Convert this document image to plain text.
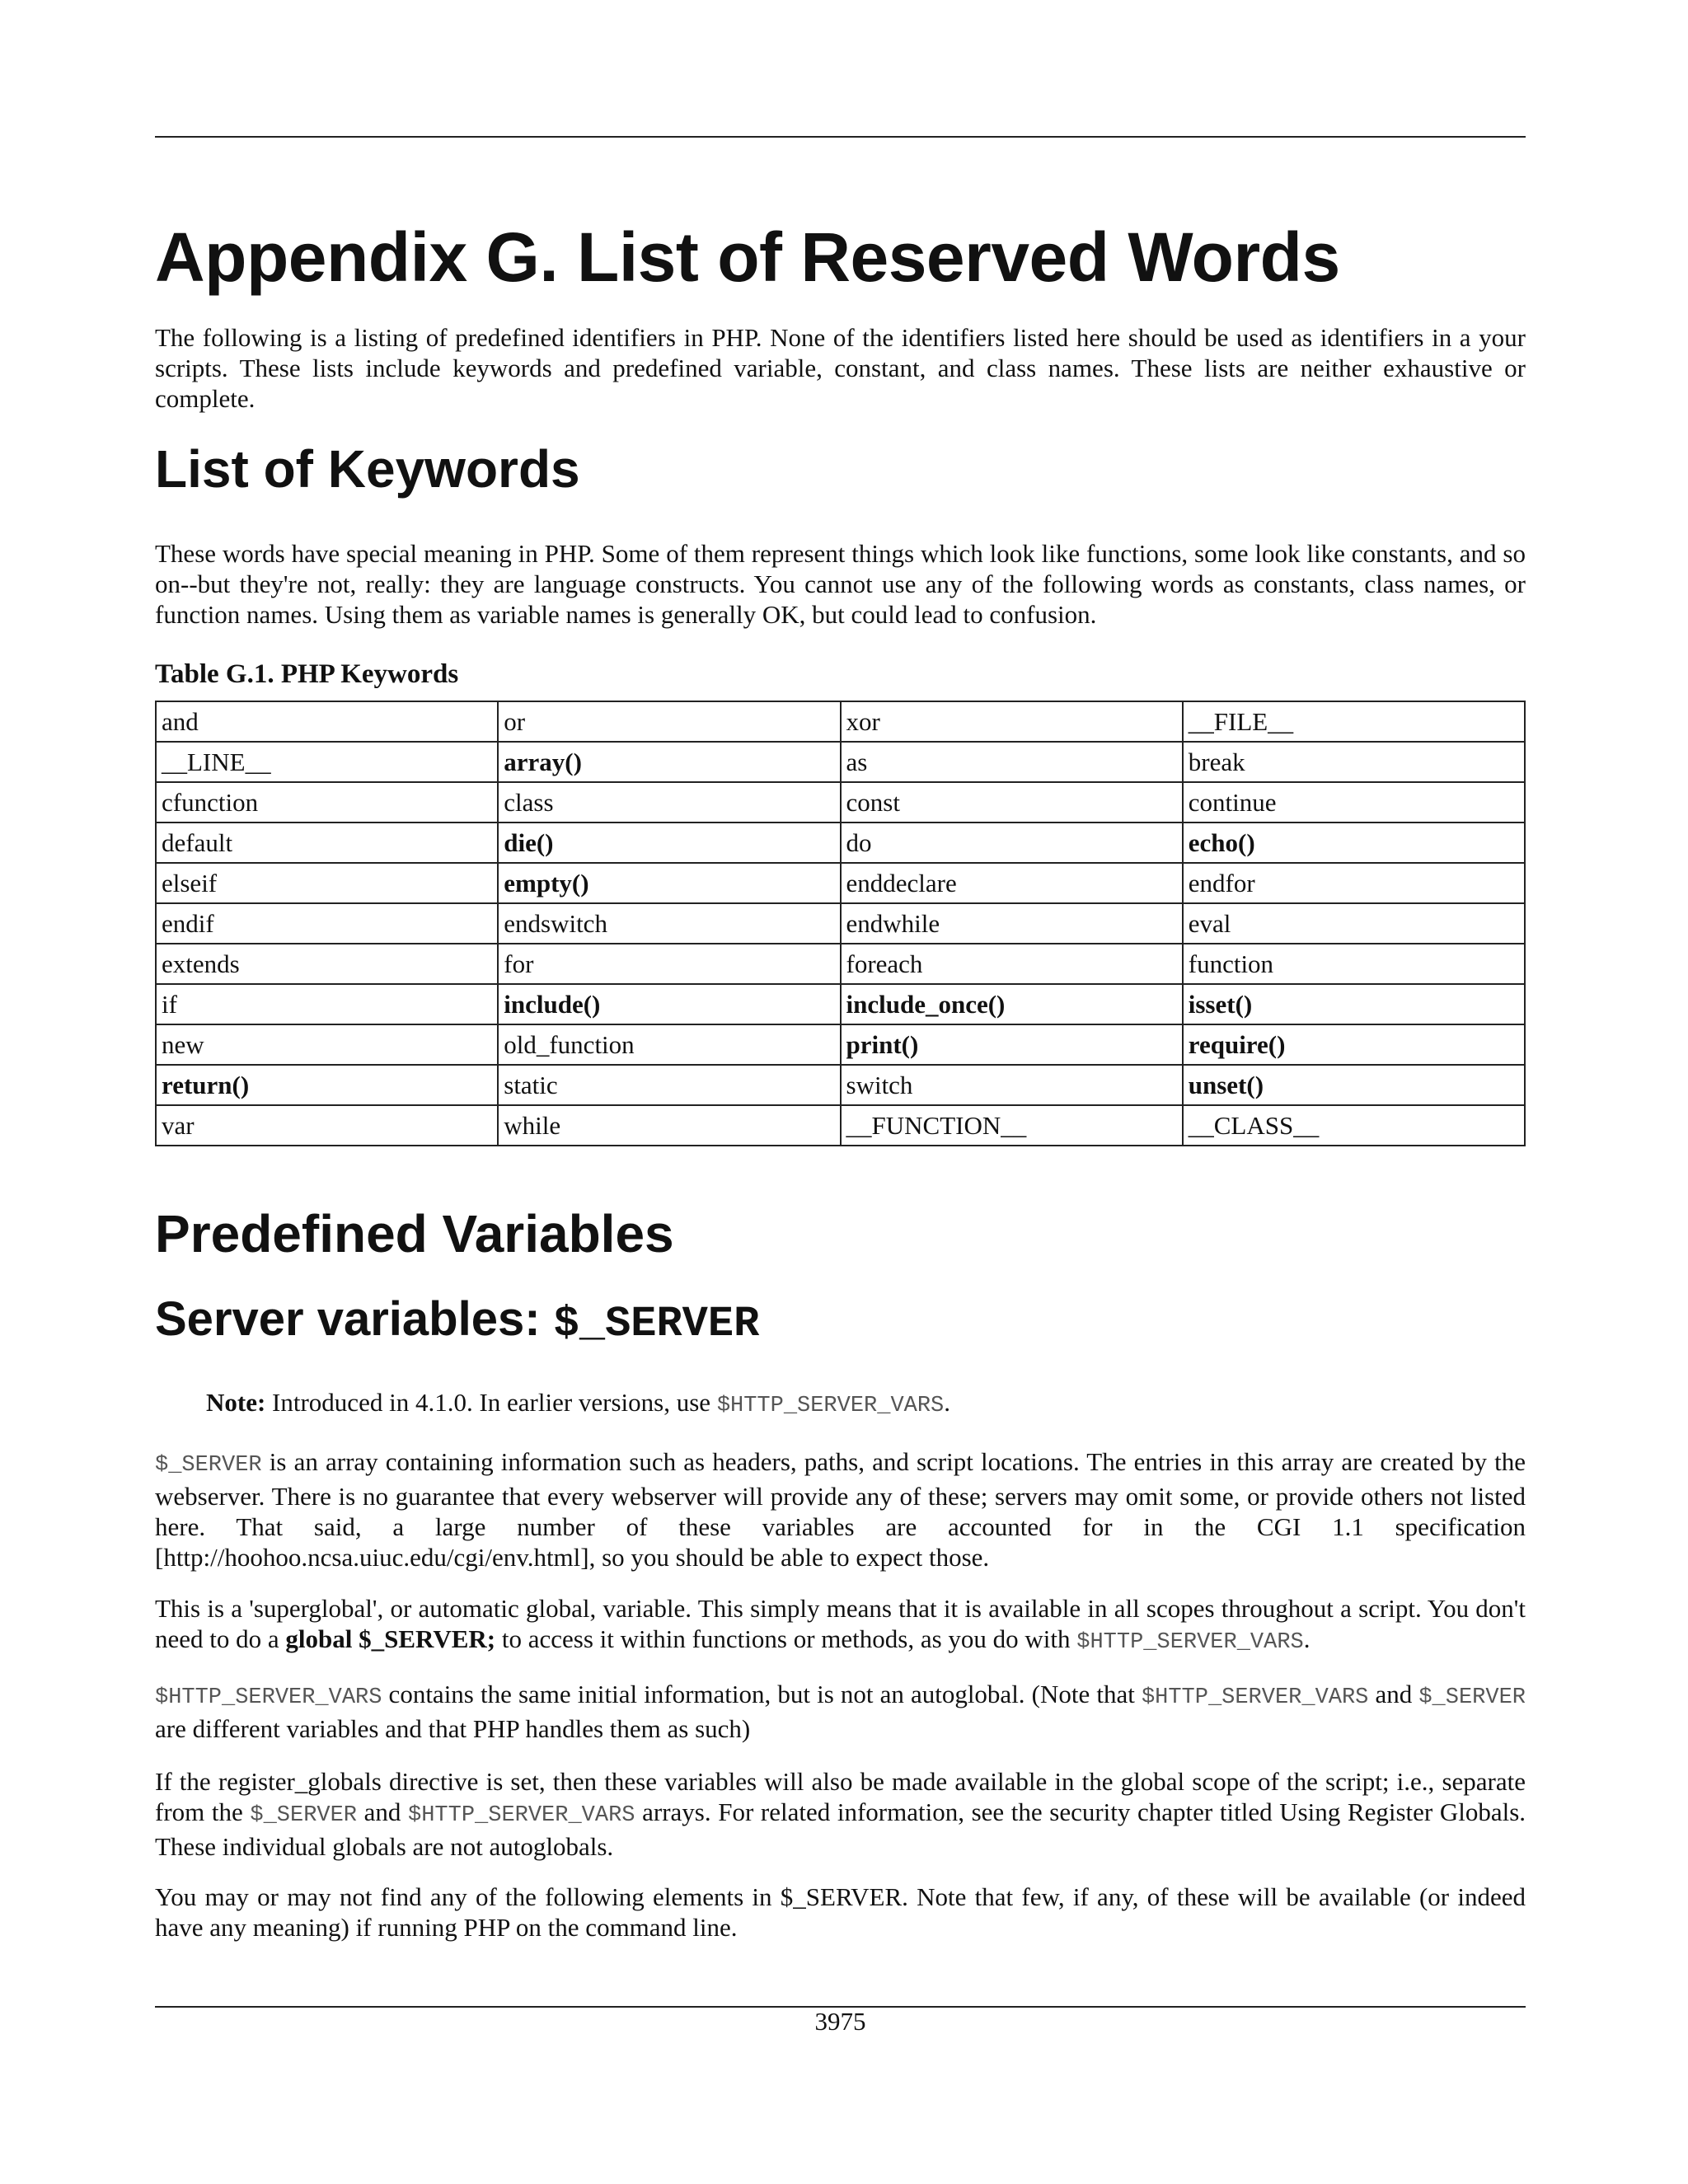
Appendix G. List of Reserved Words

The following is a listing of predefined identifiers in PHP. None of the identifiers listed here should be used as identifiers in a your scripts. These lists include keywords and predefined variable, constant, and class names. These lists are neither exhaustive or complete.

List of Keywords

These words have special meaning in PHP. Some of them represent things which look like functions, some look like constants, and so on--but they're not, really: they are language constructs. You cannot use any of the following words as constants, class names, or function names. Using them as variable names is generally OK, but could lead to confusion.

Table G.1. PHP Keywords
and	or	xor	__FILE__
__LINE__	array()	as	break
cfunction	class	const	continue
default	die()	do	echo()
elseif	empty()	enddeclare	endfor
endif	endswitch	endwhile	eval
extends	for	foreach	function
if	include()	include_once()	isset()
new	old_function	print()	require()
return()	static	switch	unset()
var	while	__FUNCTION__	__CLASS__
Predefined Variables
Server variables: $_SERVER

Note: Introduced in 4.1.0. In earlier versions, use $HTTP_SERVER_VARS.

$_SERVER is an array containing information such as headers, paths, and script locations. The entries in this array are created by the webserver. There is no guarantee that every webserver will provide any of these; servers may omit some, or provide others not listed here. That said, a large number of these variables are accounted for in the CGI 1.1 specification [http://hoohoo.ncsa.uiuc.edu/cgi/env.html], so you should be able to expect those.

This is a 'superglobal', or automatic global, variable. This simply means that it is available in all scopes throughout a script. You don't need to do a global $_SERVER; to access it within functions or methods, as you do with $HTTP_SERVER_VARS.

$HTTP_SERVER_VARS contains the same initial information, but is not an autoglobal. (Note that $HTTP_SERVER_VARS and $_SERVER are different variables and that PHP handles them as such)

If the register_globals directive is set, then these variables will also be made available in the global scope of the script; i.e., separate from the $_SERVER and $HTTP_SERVER_VARS arrays. For related information, see the security chapter titled Using Register Globals. These individual globals are not autoglobals.

You may or may not find any of the following elements in $_SERVER. Note that few, if any, of these will be available (or indeed have any meaning) if running PHP on the command line.

3975
